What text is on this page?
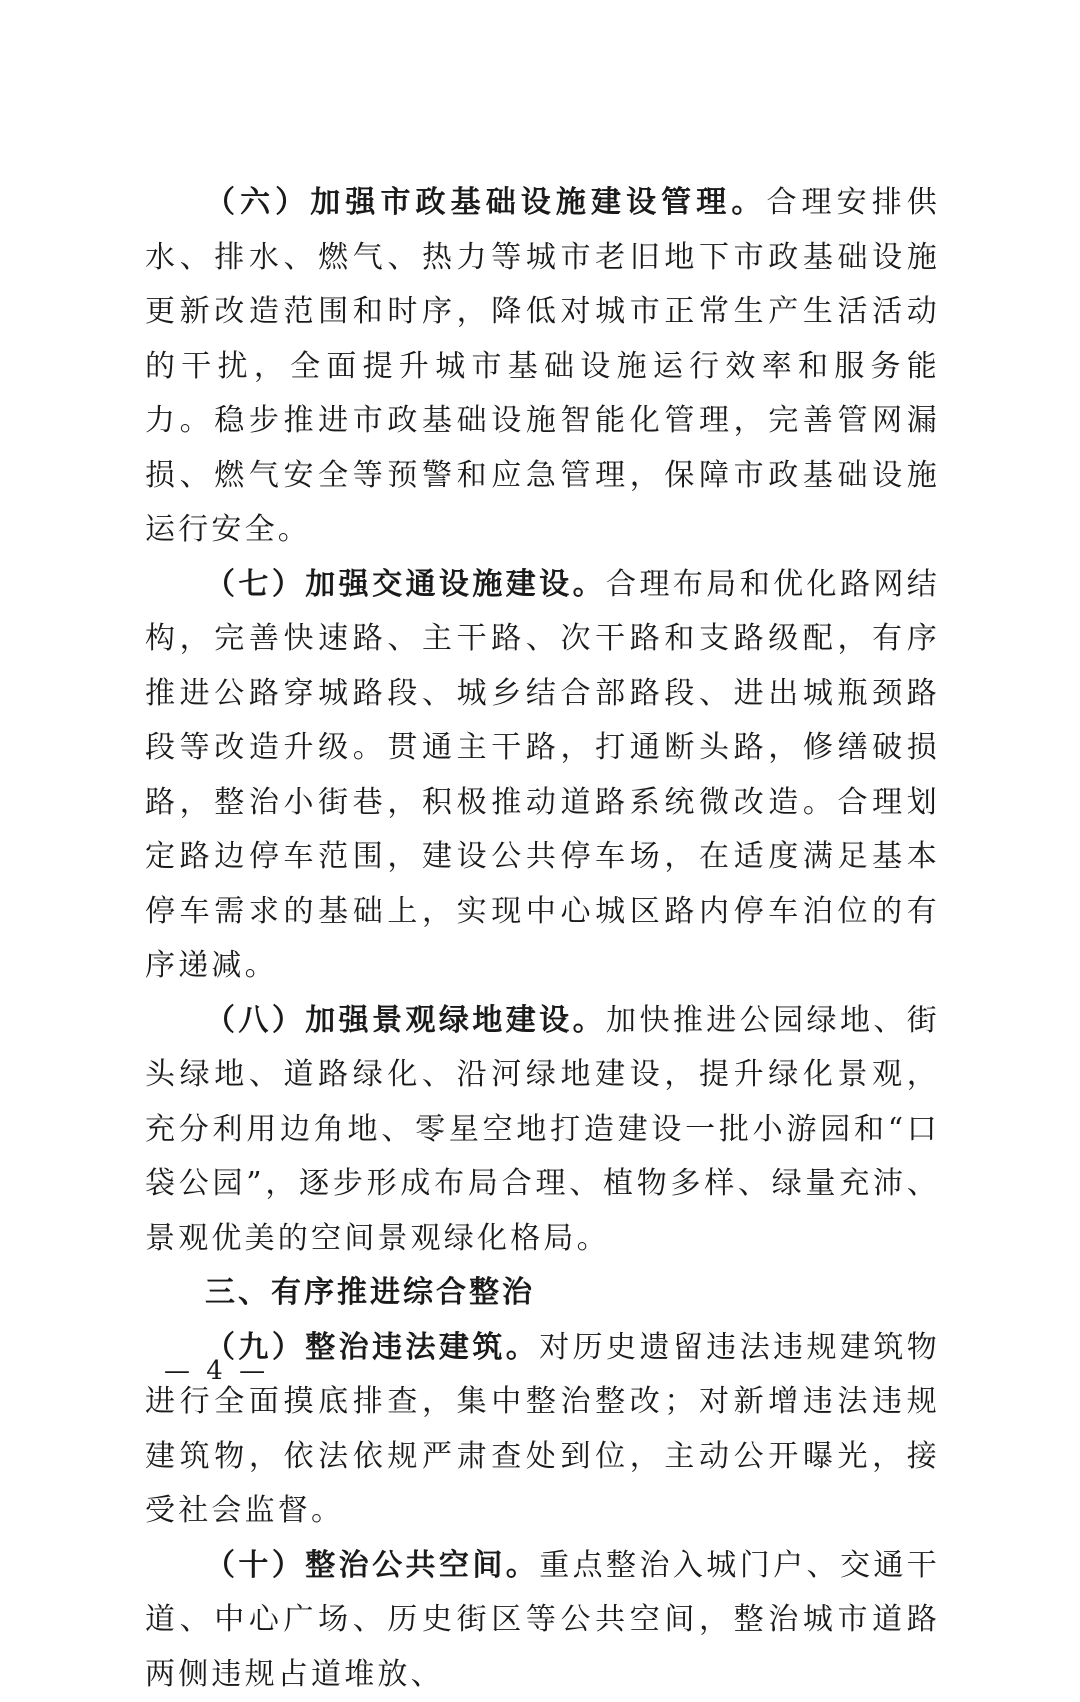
（六）加强市政基础设施建设管理。合理安排供水、排水、燃气、热力等城市老旧地下市政基础设施更新改造范围和时序，降低对城市正常生产生活活动的干扰，全面提升城市基础设施运行效率和服务能力。稳步推进市政基础设施智能化管理，完善管网漏损、燃气安全等预警和应急管理，保障市政基础设施运行安全。

（七）加强交通设施建设。合理布局和优化路网结构，完善快速路、主干路、次干路和支路级配，有序推进公路穿城路段、城乡结合部路段、进出城瓶颈路段等改造升级。贯通主干路，打通断头路，修缮破损路，整治小街巷，积极推动道路系统微改造。合理划定路边停车范围，建设公共停车场，在适度满足基本停车需求的基础上，实现中心城区路内停车泊位的有序递减。

（八）加强景观绿地建设。加快推进公园绿地、街头绿地、道路绿化、沿河绿地建设，提升绿化景观，充分利用边角地、零星空地打造建设一批小游园和“口袋公园”，逐步形成布局合理、植物多样、绿量充沛、景观优美的空间景观绿化格局。

三、有序推进综合整治

（九）整治违法建筑。对历史遗留违法违规建筑物进行全面摸底排查，集中整治整改；对新增违法违规建筑物，依法依规严肃查处到位，主动公开曝光，接受社会监督。

（十）整治公共空间。重点整治入城门户、交通干道、中心广场、历史街区等公共空间，整治城市道路两侧违规占道堆放、

— 4 —
